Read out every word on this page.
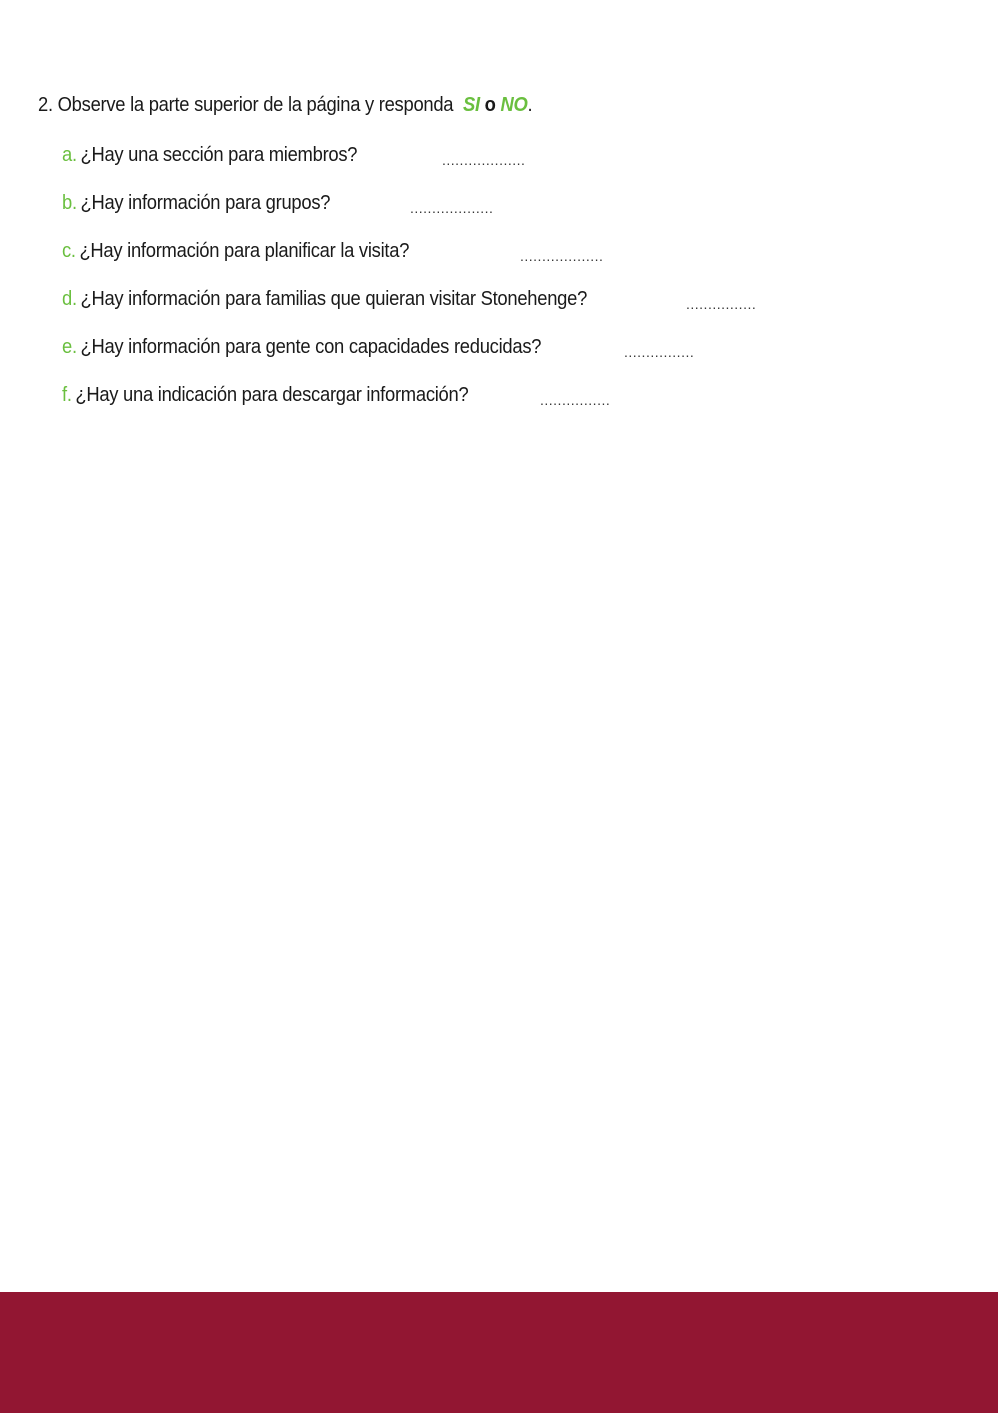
2. Observe la parte superior de la página y responda SI o NO.
a. ¿Hay una sección para miembros?	...................
b. ¿Hay información para grupos?	...................
c. ¿Hay información para planificar la visita?	...................
d. ¿Hay información para familias que quieran visitar Stonehenge?	................
e. ¿Hay información para gente con capacidades reducidas?	................
f. ¿Hay una indicación para descargar información?	................
